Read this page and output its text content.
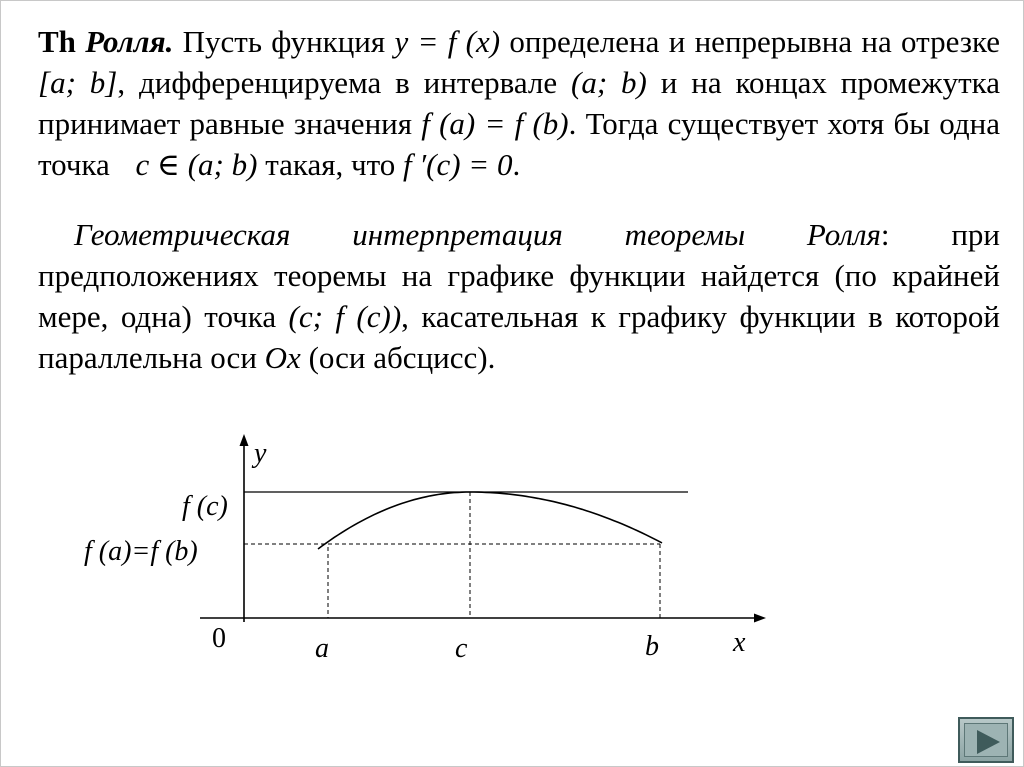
Th Ролля. Пусть функция y = f (x) определена и непрерывна на отрезке [a; b], дифференцируема в интервале (a; b) и на концах промежутка принимает равные значения f (a) = f (b). Тогда существует хотя бы одна точка c ∈ (a; b) такая, что f ′(c) = 0.

Геометрическая интерпретация теоремы Ролля: при предположениях теоремы на графике функции найдется (по крайней мере, одна) точка (c; f (c)), касательная к графику функции в которой параллельна оси Ox (оси абсцисс).

y
x
0
f (c)
f (a)=f (b)
a	c	b
